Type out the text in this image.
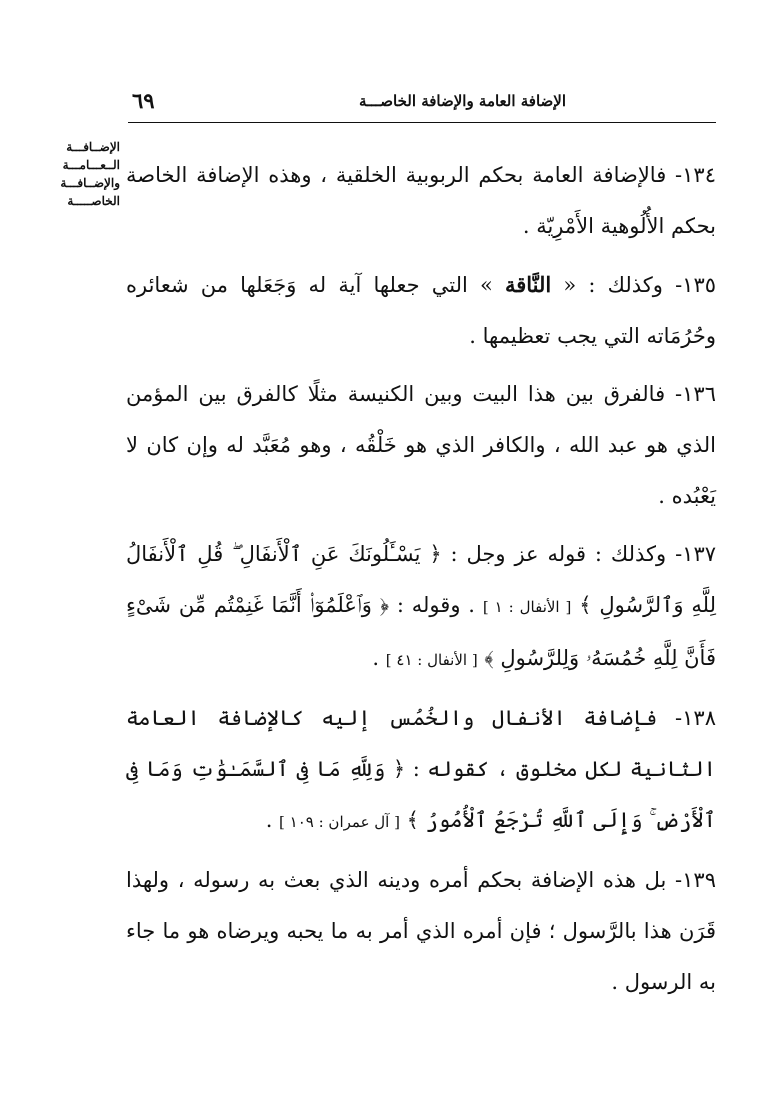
الإضافة العامة والإضافة الخاصـــة
٦٩
الإضــافـــة
الــعـــامـــة
والإضــافـــة
الخاصـــــة

١٣٤- فالإضافة العامة بحكم الربوبية الخلقية ، وهذه الإضافة الخاصة بحكم الأُلُوهية الأَمْرِيّة .

١٣٥- وكذلك : « النَّاقة » التي جعلها آية له وَجَعَلها من شعائره وحُرُمَاته التي يجب تعظيمها .

١٣٦- فالفرق بين هذا البيت وبين الكنيسة مثلًا كالفرق بين المؤمن الذي هو عبد الله ، والكافر الذي هو خَلْقُه ، وهو مُعَبَّد له وإن كان لا يَعْبُده .

١٣٧- وكذلك : قوله عز وجل : ﴿ يَسْـَٔلُونَكَ عَنِ ٱلْأَنفَالِ ۖ قُلِ ٱلْأَنفَالُ لِلَّهِ وَٱلرَّسُولِ ﴾ [ الأنفال : ١ ] . وقوله : ﴿ وَٱعْلَمُوٓا۟ أَنَّمَا غَنِمْتُم مِّن شَىْءٍ فَأَنَّ لِلَّهِ خُمُسَهُۥ وَلِلرَّسُولِ ﴾ [ الأنفال : ٤١ ] .

١٣٨- فإضافة الأنفال والخُمُس إليه كالإضافة العامة الثانية لكل مخلوق ، كقوله : ﴿ وَلِلَّهِ مَا فِى ٱلسَّمَـٰوَٰتِ وَمَا فِى ٱلْأَرْضِ ۚ وَإِلَى ٱللَّهِ تُرْجَعُ ٱلْأُمُورُ ﴾ [ آل عمران : ١٠٩ ] .

١٣٩- بل هذه الإضافة بحكم أمره ودينه الذي بعث به رسوله ، ولهذا قَرَن هذا بالرَّسول ؛ فإن أمره الذي أمر به ما يحبه ويرضاه هو ما جاء به الرسول .
